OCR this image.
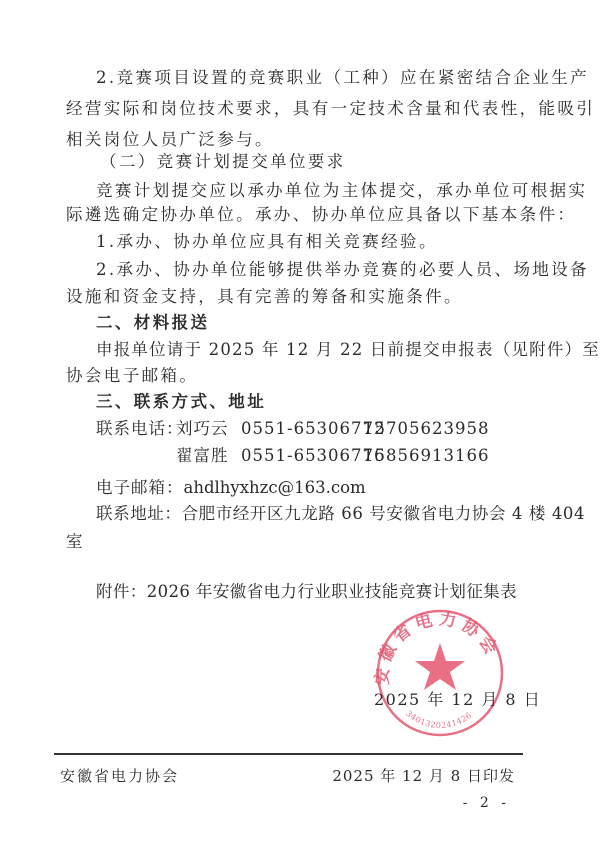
2.竞赛项目设置的竞赛职业（工种）应在紧密结合企业生产
经营实际和岗位技术要求，具有一定技术含量和代表性，能吸引
相关岗位人员广泛参与。
（二）竞赛计划提交单位要求
竞赛计划提交应以承办单位为主体提交，承办单位可根据实
际遴选确定协办单位。承办、协办单位应具备以下基本条件：
1.承办、协办单位应具有相关竞赛经验。
2.承办、协办单位能够提供举办竞赛的必要人员、场地设备
设施和资金支持，具有完善的筹备和实施条件。
二、材料报送
申报单位请于 2025 年 12 月 22 日前提交申报表（见附件）至
协会电子邮箱。
三、联系方式、地址
联系电话：刘巧云 0551-6530677215705623958
翟富胜 0551-6530677615856913166
电子邮箱：ahdlhyxhzc@163.com
联系地址：合肥市经开区九龙路 66 号安徽省电力协会 4 楼 404
室
附件：2026 年安徽省电力行业职业技能竞赛计划征集表
安徽省电力协会
3401320241426
2025 年 12 月 8 日
安徽省电力协会	2025 年 12 月 8 日印发
- 2 -
